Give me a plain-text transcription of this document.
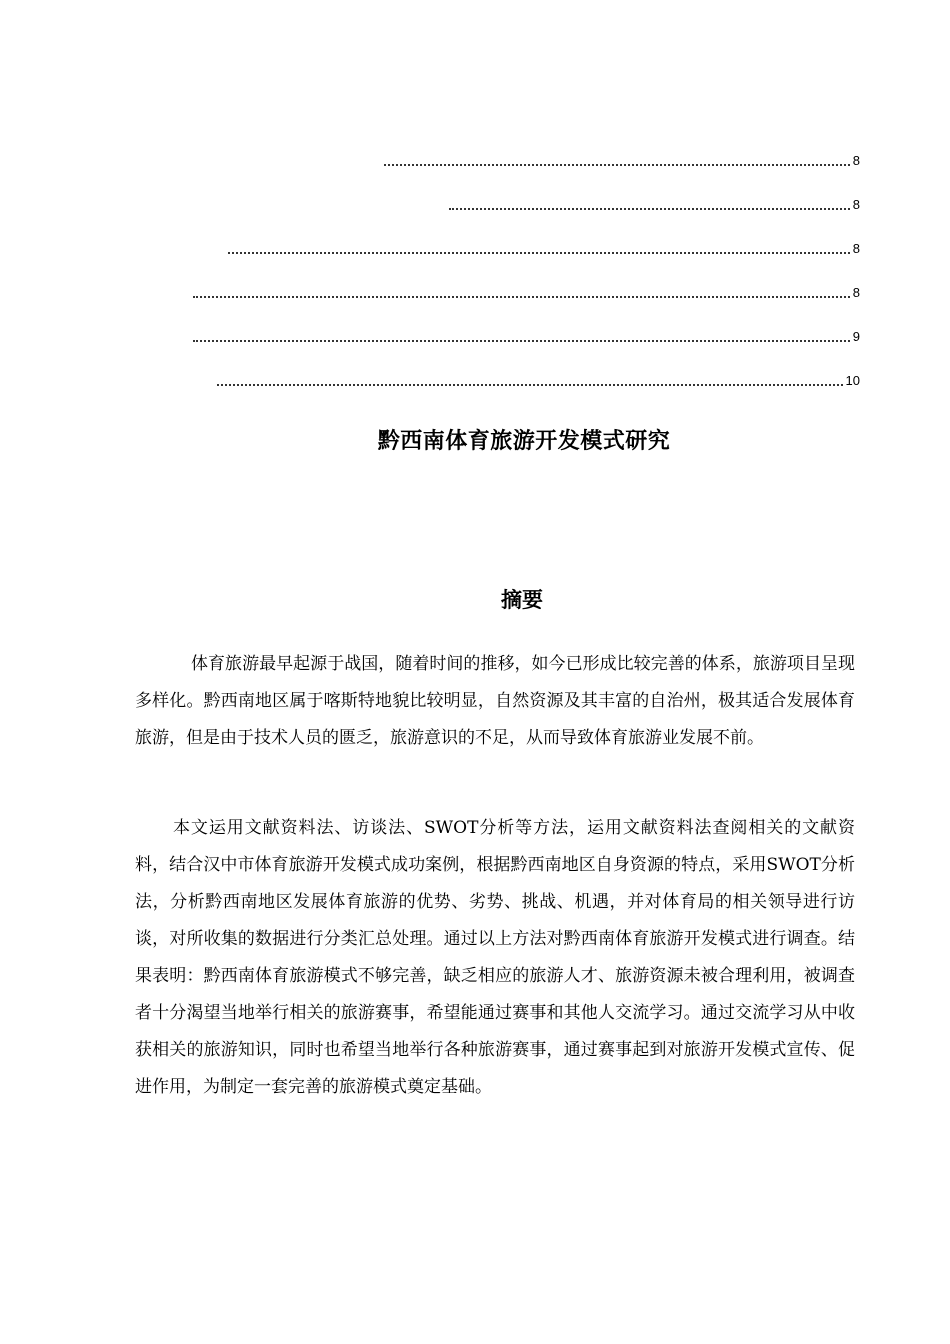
8
8
8
8
9
10
黔西南体育旅游开发模式研究
摘要

体育旅游最早起源于战国，随着时间的推移，如今已形成比较完善的体系，旅游项目呈现多样化。黔西南地区属于喀斯特地貌比较明显，自然资源及其丰富的自治州，极其适合发展体育旅游，但是由于技术人员的匮乏，旅游意识的不足，从而导致体育旅游业发展不前。

本文运用文献资料法、访谈法、SWOT分析等方法，运用文献资料法查阅相关的文献资料，结合汉中市体育旅游开发模式成功案例，根据黔西南地区自身资源的特点，采用SWOT分析法，分析黔西南地区发展体育旅游的优势、劣势、挑战、机遇，并对体育局的相关领导进行访谈，对所收集的数据进行分类汇总处理。通过以上方法对黔西南体育旅游开发模式进行调查。结果表明：黔西南体育旅游模式不够完善，缺乏相应的旅游人才、旅游资源未被合理利用，被调查者十分渴望当地举行相关的旅游赛事，希望能通过赛事和其他人交流学习。通过交流学习从中收获相关的旅游知识，同时也希望当地举行各种旅游赛事，通过赛事起到对旅游开发模式宣传、促进作用，为制定一套完善的旅游模式奠定基础。
